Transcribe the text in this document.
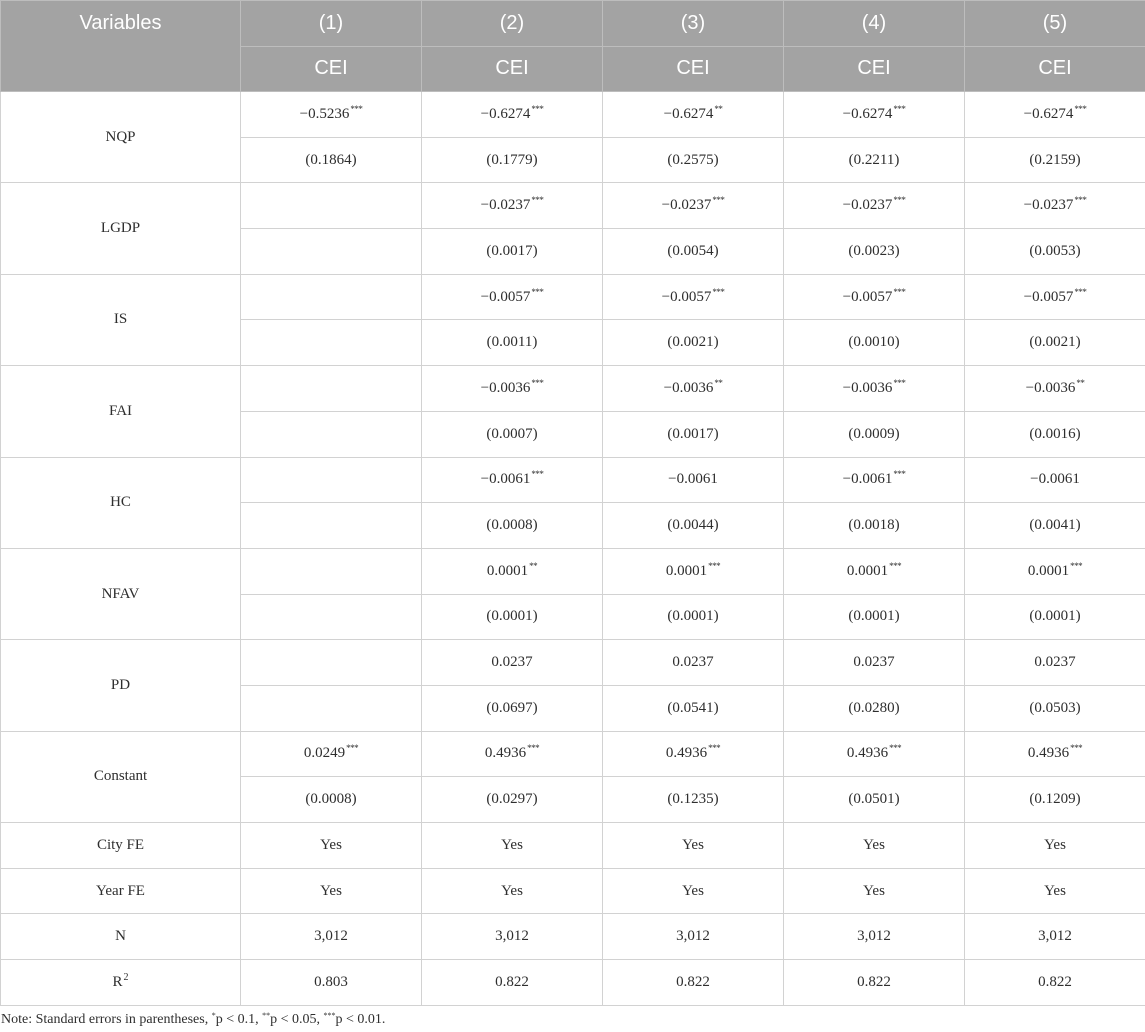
Variables	(1)	(2)	(3)	(4)	(5)
	CEI	CEI	CEI	CEI	CEI
NQP	−0.5236***	−0.6274***	−0.6274**	−0.6274***	−0.6274***
	(0.1864)	(0.1779)	(0.2575)	(0.2211)	(0.2159)
LGDP		−0.0237***	−0.0237***	−0.0237***	−0.0237***
		(0.0017)	(0.0054)	(0.0023)	(0.0053)
IS		−0.0057***	−0.0057***	−0.0057***	−0.0057***
		(0.0011)	(0.0021)	(0.0010)	(0.0021)
FAI		−0.0036***	−0.0036**	−0.0036***	−0.0036**
		(0.0007)	(0.0017)	(0.0009)	(0.0016)
HC		−0.0061***	−0.0061	−0.0061***	−0.0061
		(0.0008)	(0.0044)	(0.0018)	(0.0041)
NFAV		0.0001**	0.0001***	0.0001***	0.0001***
		(0.0001)	(0.0001)	(0.0001)	(0.0001)
PD		0.0237	0.0237	0.0237	0.0237
		(0.0697)	(0.0541)	(0.0280)	(0.0503)
Constant	0.0249***	0.4936***	0.4936***	0.4936***	0.4936***
	(0.0008)	(0.0297)	(0.1235)	(0.0501)	(0.1209)
City FE	Yes	Yes	Yes	Yes	Yes
Year FE	Yes	Yes	Yes	Yes	Yes
N	3,012	3,012	3,012	3,012	3,012
$R^2$	0.803	0.822	0.822	0.822	0.822

Note: Standard errors in parentheses, *p < 0.1, **p < 0.05, ***p < 0.01.
